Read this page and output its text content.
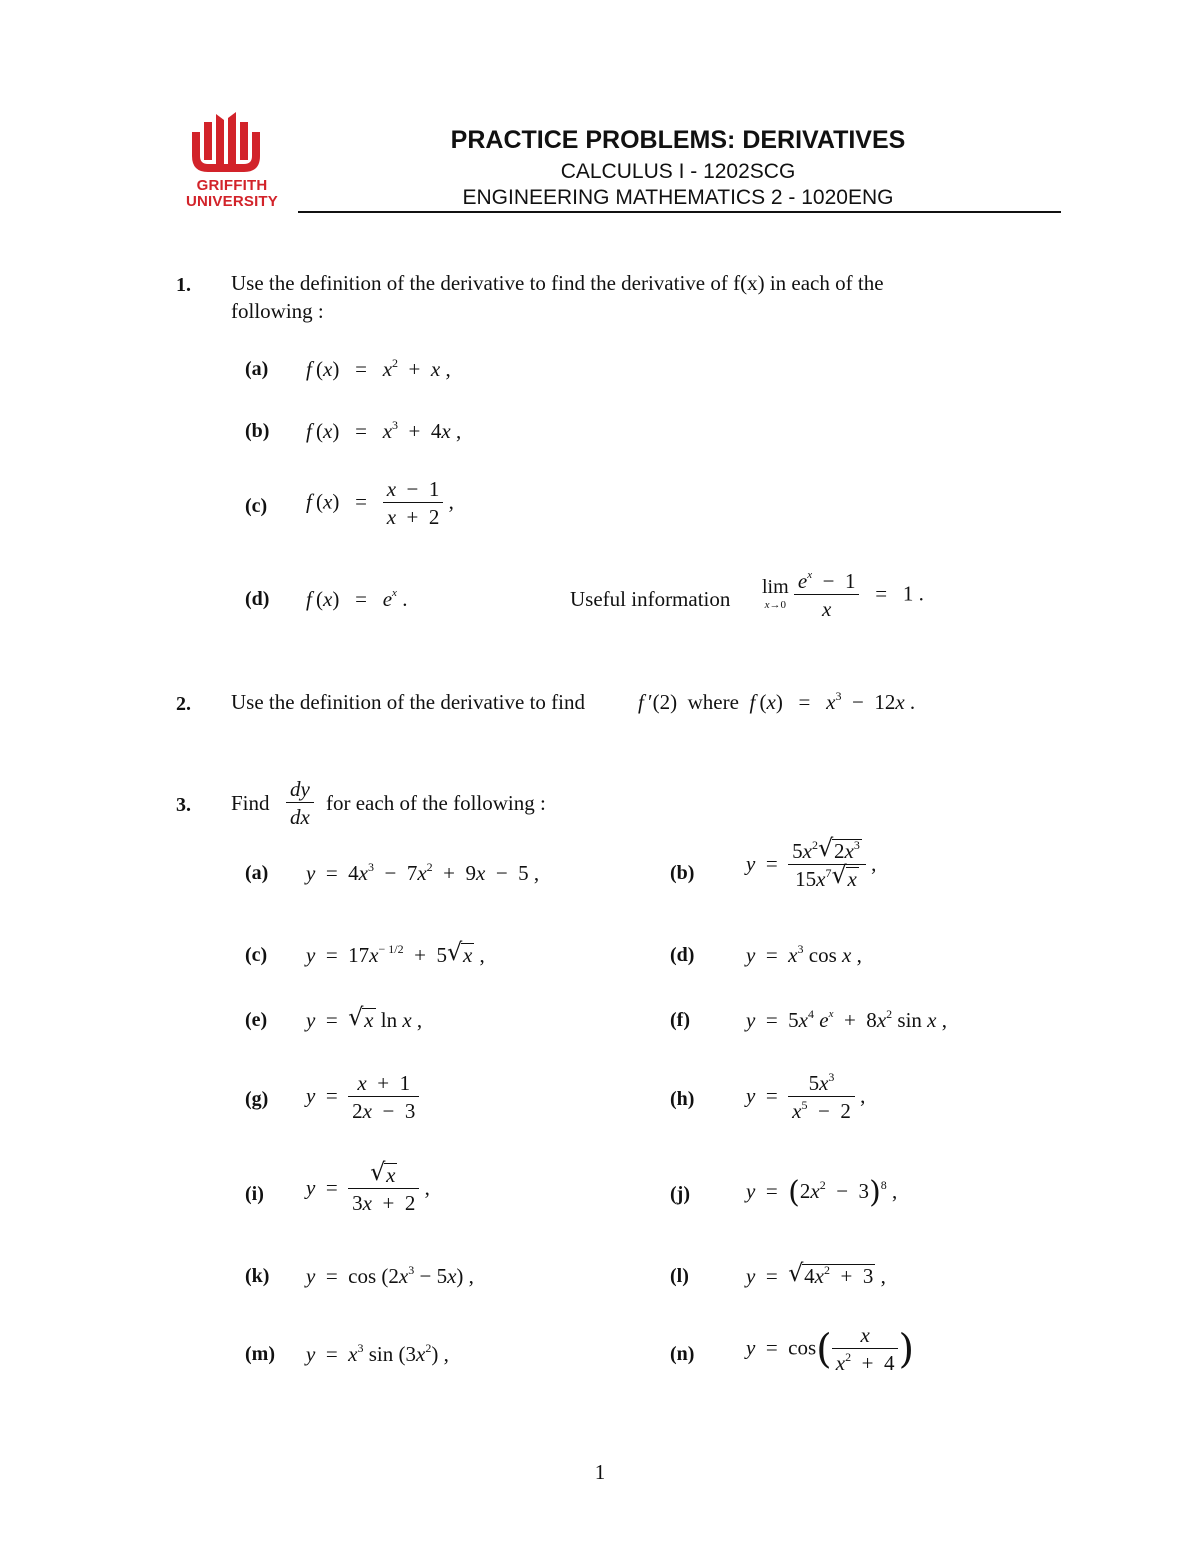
GRIFFITH
UNIVERSITY
PRACTICE PROBLEMS: DERIVATIVES
CALCULUS I - 1202SCG
ENGINEERING MATHEMATICS 2 - 1020ENG
1. Use the definition of the derivative to find the derivative of f(x) in each of the
following :
(a) f $(x) = x^2 + x$ ,
(b) f $(x) = x^3 + 4x$ ,
(c) f $(x) = \frac{x - 1}{x + 2}$ ,
(d) f $(x) = e^x$ .	Useful information
lim
x→0
$\frac{e^x - 1}{x} = 1$ .
2. Use the definition of the derivative to find	f ′(2)  where  f $(x) = x^3 - 12x$ .
3. Find $\frac{dy}{dx}$ for each of the following :
(a) $y = 4x^3 - 7x^2 + 9x - 5$ ,	(b) $y = \frac{5x^2 √ 2x^3}{15x^7 √ x}$ ,
(c) $y = 17x^{- 1/2} + 5$ √ x ,	(d) $y = x^3$ cos x ,
(e) y  = √ x ln x ,	(f)	$y = 5x^4$ $e^x + 8x^2$ sin x ,
(g) $y = \frac{x + 1}{2x - 3}$	(h) $y = \frac{5x^3}{x^5 - 2}$ ,
(i) $y = \frac{√ x}{3x + 2}$ ,	(j)	$y = (2x^2 - 3)^8$ ,
(k) $y = \cos (2x^3 - 5x)$ ,	(l)	y  = √ $4x^2 + 3$ ,
(m) $y = x^3$ $\sin (3x^2)$ ,	(n) $y = \cos( \frac{x}{x^2 + 4}$ )
1
